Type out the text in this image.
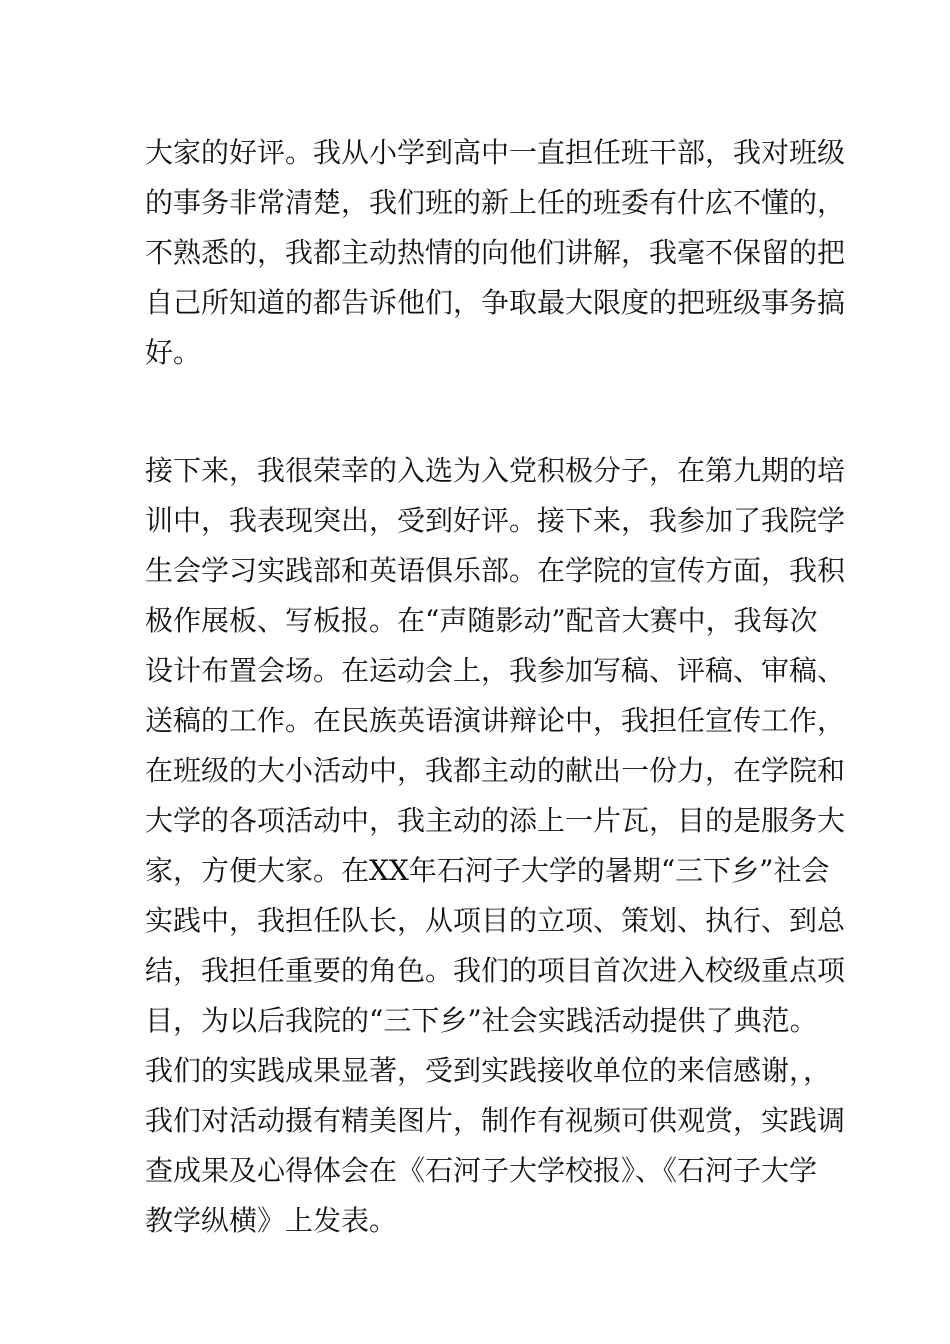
大家的好评。我从小学到高中一直担任班干部，我对班级
的事务非常清楚，我们班的新上任的班委有什庅不懂的，
不熟悉的，我都主动热情的向他们讲解，我毫不保留的把
自己所知道的都告诉他们，争取最大限度的把班级事务搞
好。
接下来，我很荣幸的入选为入党积极分子，在第九期的培
训中，我表现突出，受到好评。接下来，我参加了我院学
生会学习实践部和英语俱乐部。在学院的宣传方面，我积
极作展板、写板报。在“声随影动”配音大赛中，我每次
设计布置会场。在运动会上，我参加写稿、评稿、审稿、
送稿的工作。在民族英语演讲辩论中，我担任宣传工作，
在班级的大小活动中，我都主动的献出一份力，在学院和
大学的各项活动中，我主动的添上一片瓦，目的是服务大
家，方便大家。在XX年石河子大学的暑期“三下乡”社会
实践中，我担任队长，从项目的立项、策划、执行、到总
结，我担任重要的角色。我们的项目首次进入校级重点项
目，为以后我院的“三下乡”社会实践活动提供了典范。
我们的实践成果显著，受到实践接收单位的来信感谢，，
我们对活动摄有精美图片，制作有视频可供观赏，实践调
查成果及心得体会在《石河子大学校报》、《石河子大学
教学纵横》上发表。
